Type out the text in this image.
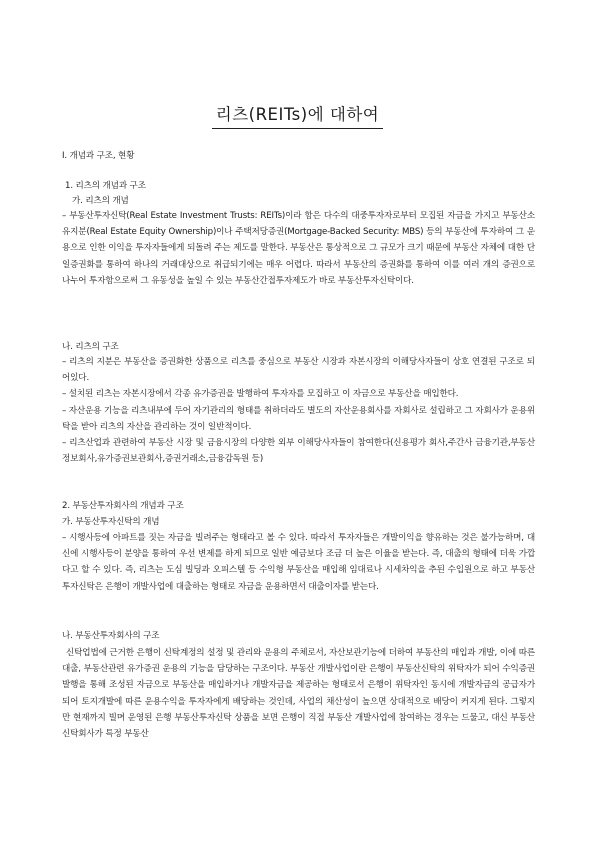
리츠(REITs)에 대하여
Ⅰ. 개념과 구조, 현황
1. 리츠의 개념과 구조
가. 리츠의 개념
– 부동산투자신탁(Real Estate Investment Trusts: REITs)이라 함은 다수의 대중투자자로부터 모집된 자금을 가지고 부동산소유지분(Real Estate Equity Ownership)이나 주택저당증권(Mortgage-Backed Security: MBS) 등의 부동산에 투자하여 그 운용으로 인한 이익을 투자자들에게 되돌려 주는 제도를 말한다. 부동산은 통상적으로 그 규모가 크기 때문에 부동산 자체에 대한 단일증권화를 통하여 하나의 거래대상으로 취급되기에는 매우 어렵다. 따라서 부동산의 증권화를 통하여 이를 여러 개의 증권으로 나누어 투자함으로써 그 유동성을 높일 수 있는 부동산간접투자제도가 바로 부동산투자신탁이다.
나. 리츠의 구조

– 리츠의 지분은 부동산을 증권화한 상품으로 리츠를 중심으로 부동산 시장과 자본시장의 이해당사자들이 상호 연결된 구조로 되어있다.

– 설치된 리츠는 자본시장에서 각종 유가증권을 발행하여 투자자를 모집하고 이 자금으로 부동산을 매입한다.

– 자산운용 기능을 리츠내부에 두어 자기관리의 형태를 취하더라도 별도의 자산운용회사를 자회사로 설립하고 그 자회사가 운용위탁을 받아 리츠의 자산을 관리하는 것이 일반적이다.

– 리츠산업과 관련하여 부동산 시장 및 금융시장의 다양한 외부 이해당사자들이 참여한다(신용평가 회사,주간사 금융기관,부동산정보회사,유가증권보관회사,증권거래소,금융감독원 등)

2. 부동산투자회사의 개념과 구조
가. 부동산투자신탁의 개념
– 시행사등에 아파트를 짓는 자금을 빌려주는 형태라고 볼 수 있다. 따라서 투자자들은 개발이익을 향유하는 것은 불가능하며, 대신에 시행사등이 분양을 통하여 우선 변제를 하게 되므로 일반 예금보다 조금 더 높은 이율을 받는다. 즉, 대출의 형태에 더욱 가깝다고 할 수 있다. 즉, 리츠는 도심 빌딩과 오피스텔 등 수익형 부동산을 매입해 임대료나 시세차익을 추된 수입원으로 하고 부동산투자신탁은 은행이 개발사업에 대출하는 형태로 자금을 운용하면서 대출이자를 받는다.
나. 부동산투자회사의 구조
신탁업법에 근거한 은행이 신탁계정의 설정 및 관리와 운용의 주체로서, 자산보관기능에 더하여 부동산의 매입과 개발, 이에 따른 대출, 부동산관련 유가증권 운용의 기능을 담당하는 구조이다. 부동산 개발사업이란 은행이 부동산신탁의 위탁자가 되어 수익증권 발행을 통해 조성된 자금으로 부동산을 매입하거나 개발자금을 제공하는 형태로서 은행이 위탁자인 동시에 개발자금의 공급자가 되어 토지개발에 따른 운용수익을 투자자에게 배당하는 것인데, 사업의 채산성이 높으면 상대적으로 배당이 커지게 된다. 그렇지만 현재까지 빌며 운영된 은행 부동산투자신탁 상품을 보면 은행이 직접 부동산 개발사업에 참여하는 경우는 드물고, 대신 부동산신탁회사가 특정 부동산
